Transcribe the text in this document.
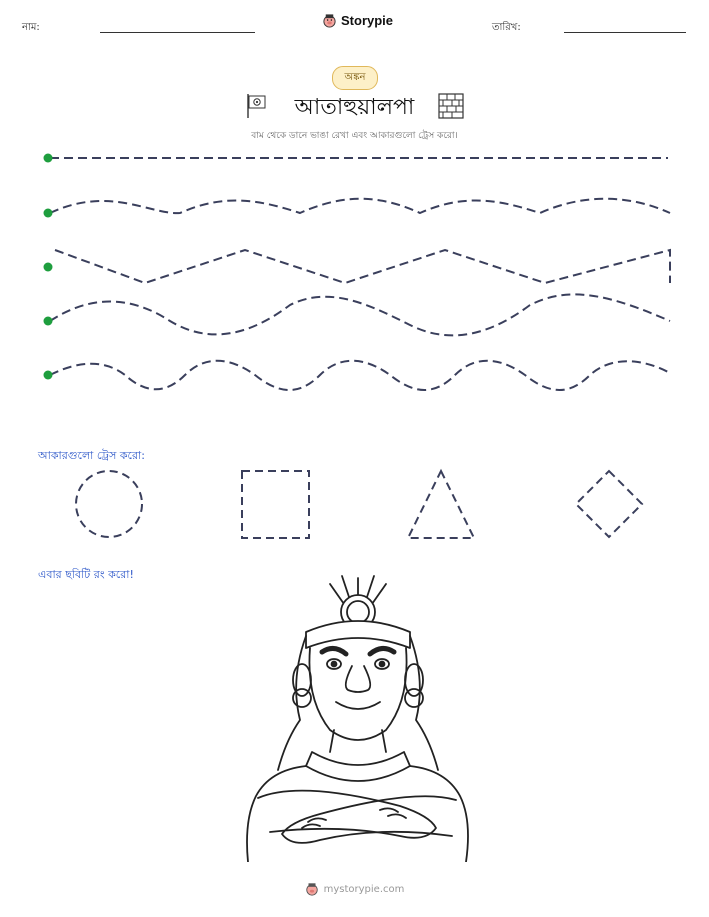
নাম:	Storypie	তারিখ:
অঙ্কন
আতাহুয়ালপা
বাম থেকে ডানে ভাঙা রেখা এবং আকারগুলো ট্রেস করো।
আকারগুলো ট্রেস করো:
এবার ছবিটি রং করো!
mystorypie.com
